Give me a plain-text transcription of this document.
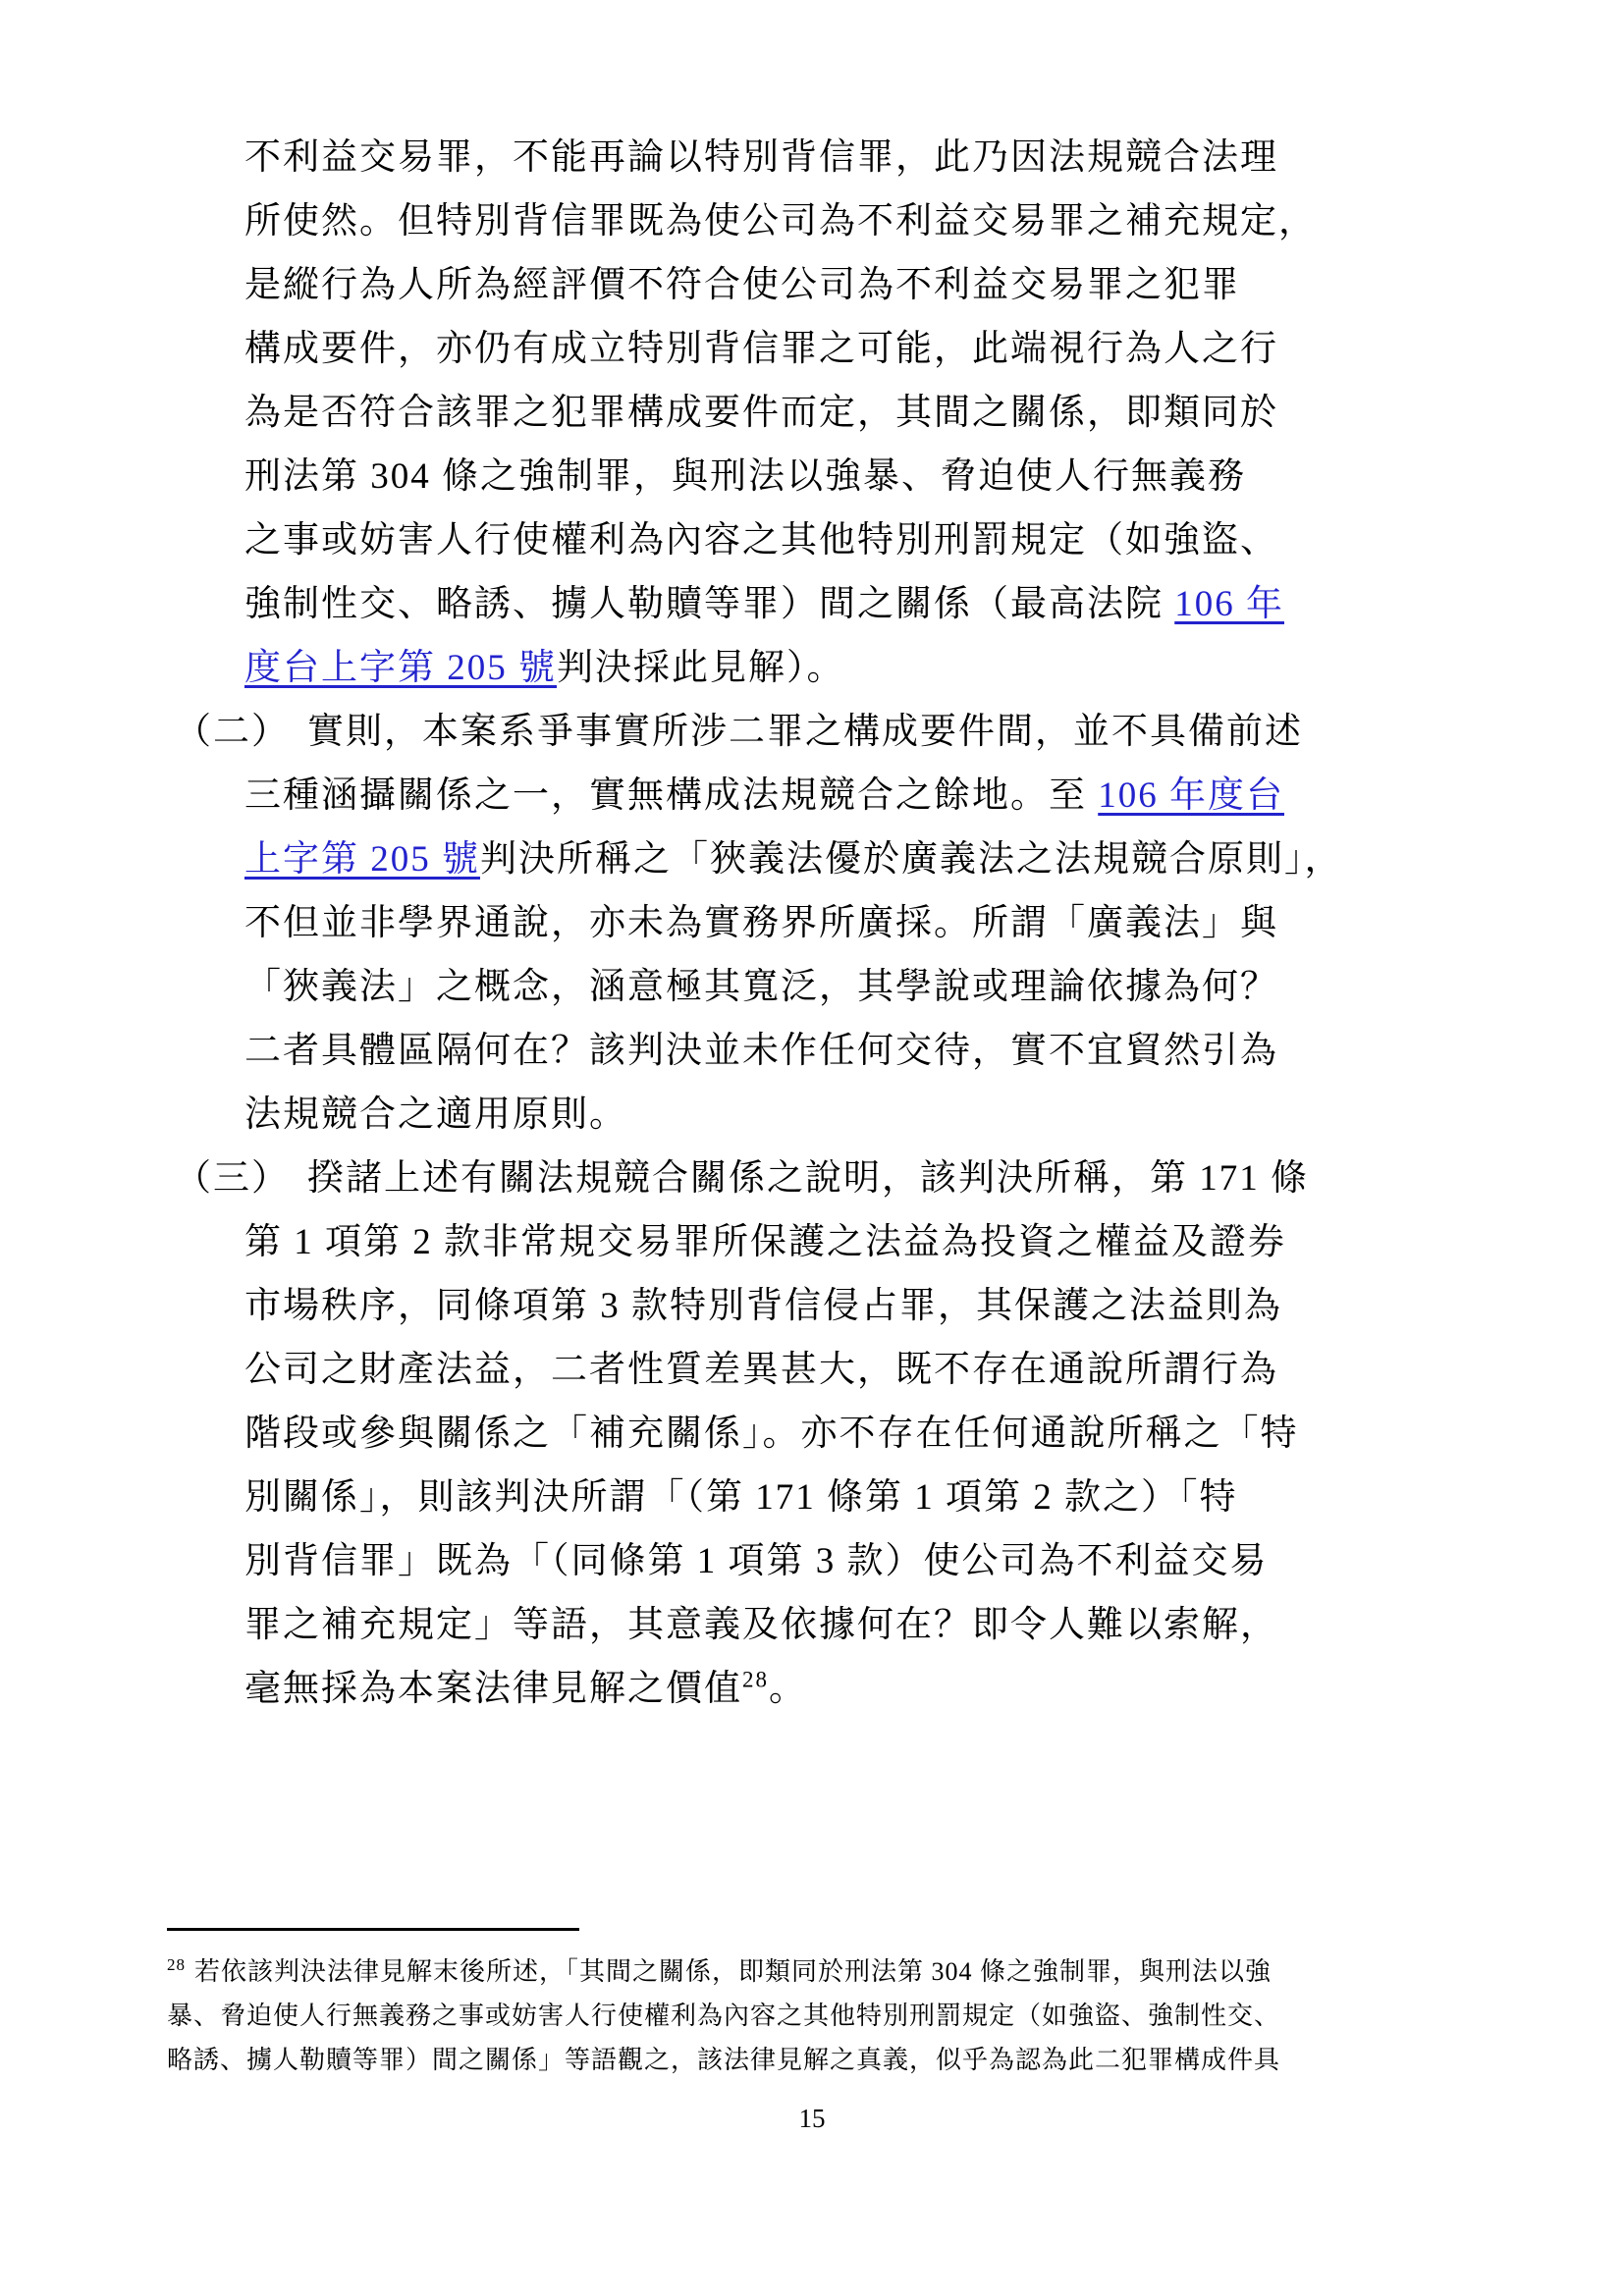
不利益交易罪，不能再論以特別背信罪，此乃因法規競合法理
所使然。但特別背信罪既為使公司為不利益交易罪之補充規定，
是縱行為人所為經評價不符合使公司為不利益交易罪之犯罪
構成要件，亦仍有成立特別背信罪之可能，此端視行為人之行
為是否符合該罪之犯罪構成要件而定，其間之關係，即類同於
刑法第 304 條之強制罪，與刑法以強暴、脅迫使人行無義務
之事或妨害人行使權利為內容之其他特別刑罰規定（如強盜、
強制性交、略誘、擄人勒贖等罪）間之關係（最高法院 106 年
度台上字第 205 號判決採此見解）。
（二） 實則，本案系爭事實所涉二罪之構成要件間，並不具備前述
三種涵攝關係之一，實無構成法規競合之餘地。至 106 年度台
上字第 205 號判決所稱之「狹義法優於廣義法之法規競合原則」，
不但並非學界通說，亦未為實務界所廣採。所謂「廣義法」與
「狹義法」之概念，涵意極其寬泛，其學說或理論依據為何？
二者具體區隔何在？該判決並未作任何交待，實不宜貿然引為
法規競合之適用原則。
（三） 揆諸上述有關法規競合關係之說明，該判決所稱，第 171 條
第 1 項第 2 款非常規交易罪所保護之法益為投資之權益及證券
市場秩序，同條項第 3 款特別背信侵占罪，其保護之法益則為
公司之財產法益，二者性質差異甚大，既不存在通說所謂行為
階段或參與關係之「補充關係」。亦不存在任何通說所稱之「特
別關係」，則該判決所謂「（第 171 條第 1 項第 2 款之）「特
別背信罪」既為「（同條第 1 項第 3 款）使公司為不利益交易
罪之補充規定」等語，其意義及依據何在？即令人難以索解，
毫無採為本案法律見解之價值$^{28}$。
$^{28}$ 若依該判決法律見解末後所述，「其間之關係，即類同於刑法第 304 條之強制罪，與刑法以強
暴、脅迫使人行無義務之事或妨害人行使權利為內容之其他特別刑罰規定（如強盜、強制性交、
略誘、擄人勒贖等罪）間之關係」等語觀之，該法律見解之真義，似乎為認為此二犯罪構成件具
15
